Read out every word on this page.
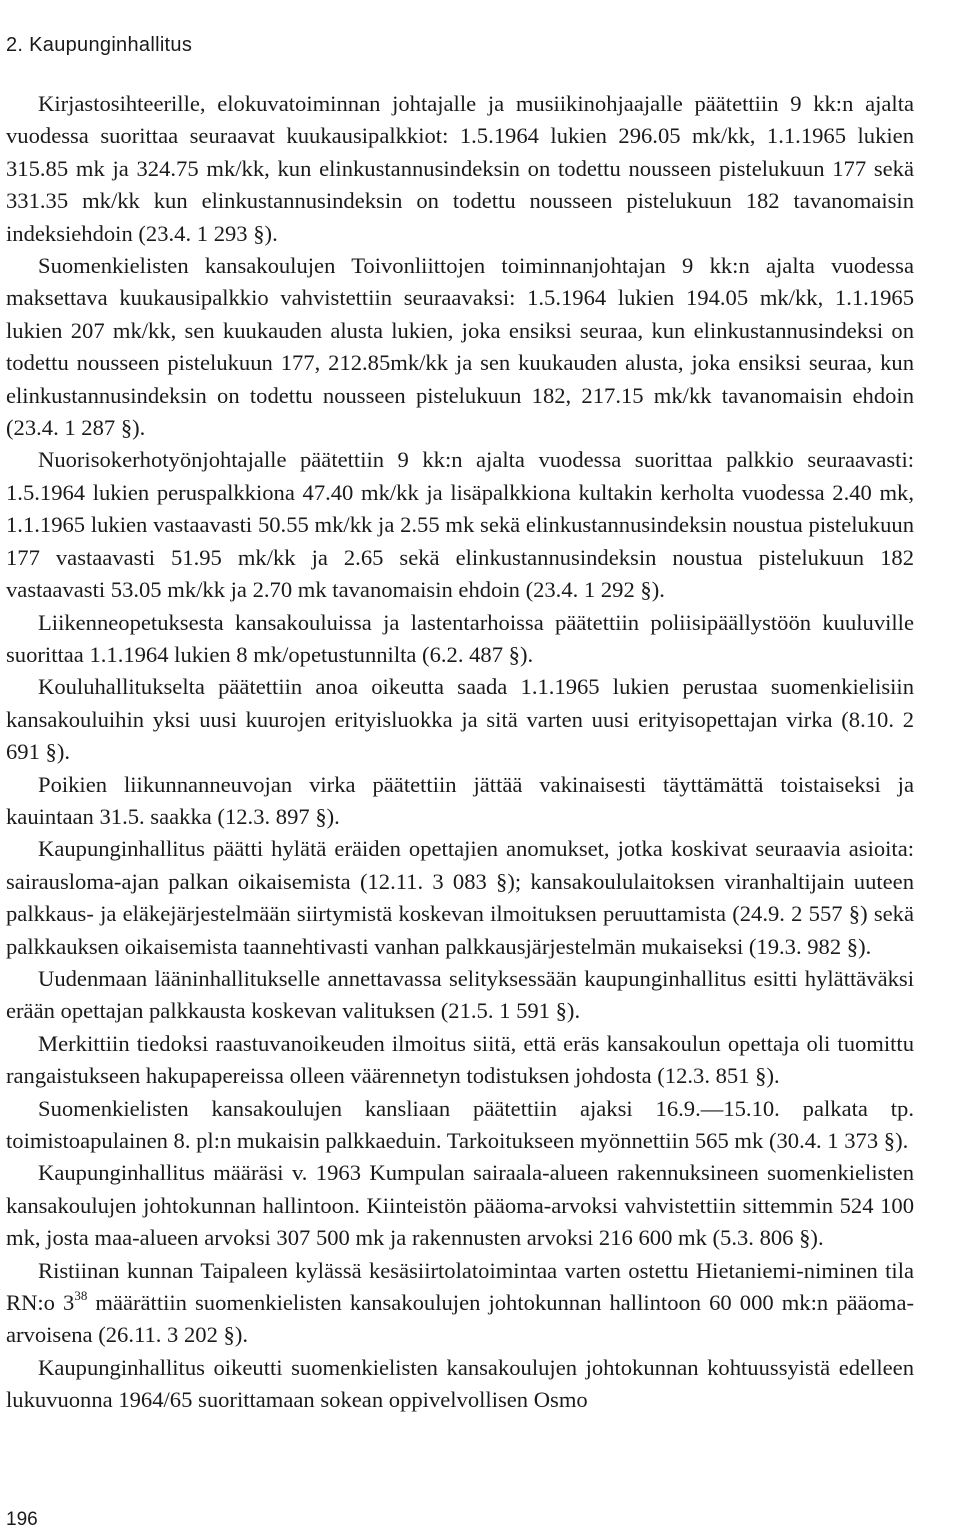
2. Kaupunginhallitus

Kirjastosihteerille, elokuvatoiminnan johtajalle ja musiikinohjaajalle päätettiin 9 kk:n ajalta vuodessa suorittaa seuraavat kuukausipalkkiot: 1.5.1964 lukien 296.05 mk/kk, 1.1.1965 lukien 315.85 mk ja 324.75 mk/kk, kun elinkustannusindeksin on todettu nousseen pistelukuun 177 sekä 331.35 mk/kk kun elinkustannusindeksin on todettu nousseen pistelukuun 182 tavanomaisin indeksiehdoin (23.4. 1 293 §).

Suomenkielisten kansakoulujen Toivonliittojen toiminnanjohtajan 9 kk:n ajalta vuodessa maksettava kuukausipalkkio vahvistettiin seuraavaksi: 1.5.1964 lukien 194.05 mk/kk, 1.1.1965 lukien 207 mk/kk, sen kuukauden alusta lukien, joka ensiksi seuraa, kun elinkustannusindeksi on todettu nousseen pistelukuun 177, 212.85mk/kk ja sen kuukauden alusta, joka ensiksi seuraa, kun elinkustannusindeksin on todettu nousseen pistelukuun 182, 217.15 mk/kk tavanomaisin ehdoin (23.4. 1 287 §).

Nuorisokerhotyönjohtajalle päätettiin 9 kk:n ajalta vuodessa suorittaa palkkio seuraavasti: 1.5.1964 lukien peruspalkkiona 47.40 mk/kk ja lisäpalkkiona kultakin kerholta vuodessa 2.40 mk, 1.1.1965 lukien vastaavasti 50.55 mk/kk ja 2.55 mk sekä elinkustannusindeksin noustua pistelukuun 177 vastaavasti 51.95 mk/kk ja 2.65 sekä elinkustannusindeksin noustua pistelukuun 182 vastaavasti 53.05 mk/kk ja 2.70 mk tavanomaisin ehdoin (23.4. 1 292 §).

Liikenneopetuksesta kansakouluissa ja lastentarhoissa päätettiin poliisipäällystöön kuuluville suorittaa 1.1.1964 lukien 8 mk/opetustunnilta (6.2. 487 §).

Kouluhallitukselta päätettiin anoa oikeutta saada 1.1.1965 lukien perustaa suomenkielisiin kansakouluihin yksi uusi kuurojen erityisluokka ja sitä varten uusi erityisopettajan virka (8.10. 2 691 §).

Poikien liikunnanneuvojan virka päätettiin jättää vakinaisesti täyttämättä toistaiseksi ja kauintaan 31.5. saakka (12.3. 897 §).

Kaupunginhallitus päätti hylätä eräiden opettajien anomukset, jotka koskivat seuraavia asioita: sairausloma-ajan palkan oikaisemista (12.11. 3 083 §); kansakoululaitoksen viranhaltijain uuteen palkkaus- ja eläkejärjestelmään siirtymistä koskevan ilmoituksen peruuttamista (24.9. 2 557 §) sekä palkkauksen oikaisemista taannehtivasti vanhan palkkausjärjestelmän mukaiseksi (19.3. 982 §).

Uudenmaan lääninhallitukselle annettavassa selityksessään kaupunginhallitus esitti hylättäväksi erään opettajan palkkausta koskevan valituksen (21.5. 1 591 §).

Merkittiin tiedoksi raastuvanoikeuden ilmoitus siitä, että eräs kansakoulun opettaja oli tuomittu rangaistukseen hakupapereissa olleen väärennetyn todistuksen johdosta (12.3. 851 §).

Suomenkielisten kansakoulujen kansliaan päätettiin ajaksi 16.9.—15.10. palkata tp. toimistoapulainen 8. pl:n mukaisin palkkaeduin. Tarkoitukseen myönnettiin 565 mk (30.4. 1 373 §).

Kaupunginhallitus määräsi v. 1963 Kumpulan sairaala-alueen rakennuksineen suomenkielisten kansakoulujen johtokunnan hallintoon. Kiinteistön pääoma-arvoksi vahvistettiin sittemmin 524 100 mk, josta maa-alueen arvoksi 307 500 mk ja rakennusten arvoksi 216 600 mk (5.3. 806 §).

Ristiinan kunnan Taipaleen kylässä kesäsiirtolatoimintaa varten ostettu Hietaniemi-niminen tila RN:o $3^{38}$ määrättiin suomenkielisten kansakoulujen johtokunnan hallintoon 60 000 mk:n pääoma-arvoisena (26.11. 3 202 §).

Kaupunginhallitus oikeutti suomenkielisten kansakoulujen johtokunnan kohtuussyistä edelleen lukuvuonna 1964/65 suorittamaan sokean oppivelvollisen Osmo

196
